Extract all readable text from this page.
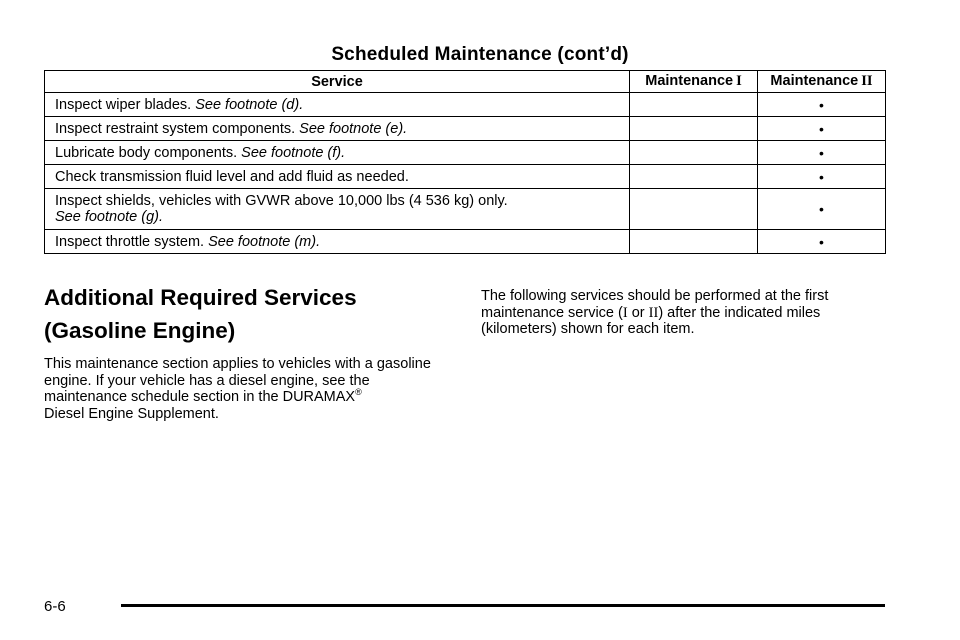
Scheduled Maintenance (cont’d)
Service	Maintenance I	Maintenance II
Inspect wiper blades. See footnote (d).		•
Inspect restraint system components. See footnote (e).		•
Lubricate body components. See footnote (f).		•
Check transmission fluid level and add fluid as needed.		•
Inspect shields, vehicles with GVWR above 10,000 lbs (4 536 kg) only.
See footnote (g).		•
Inspect throttle system. See footnote (m).		•
Additional Required Services
(Gasoline Engine)

This maintenance section applies to vehicles with a gasoline engine. If your vehicle has a diesel engine, see the maintenance schedule section in the DURAMAX®
Diesel Engine Supplement.

The following services should be performed at the first maintenance service (I or II) after the indicated miles (kilometers) shown for each item.

6-6
